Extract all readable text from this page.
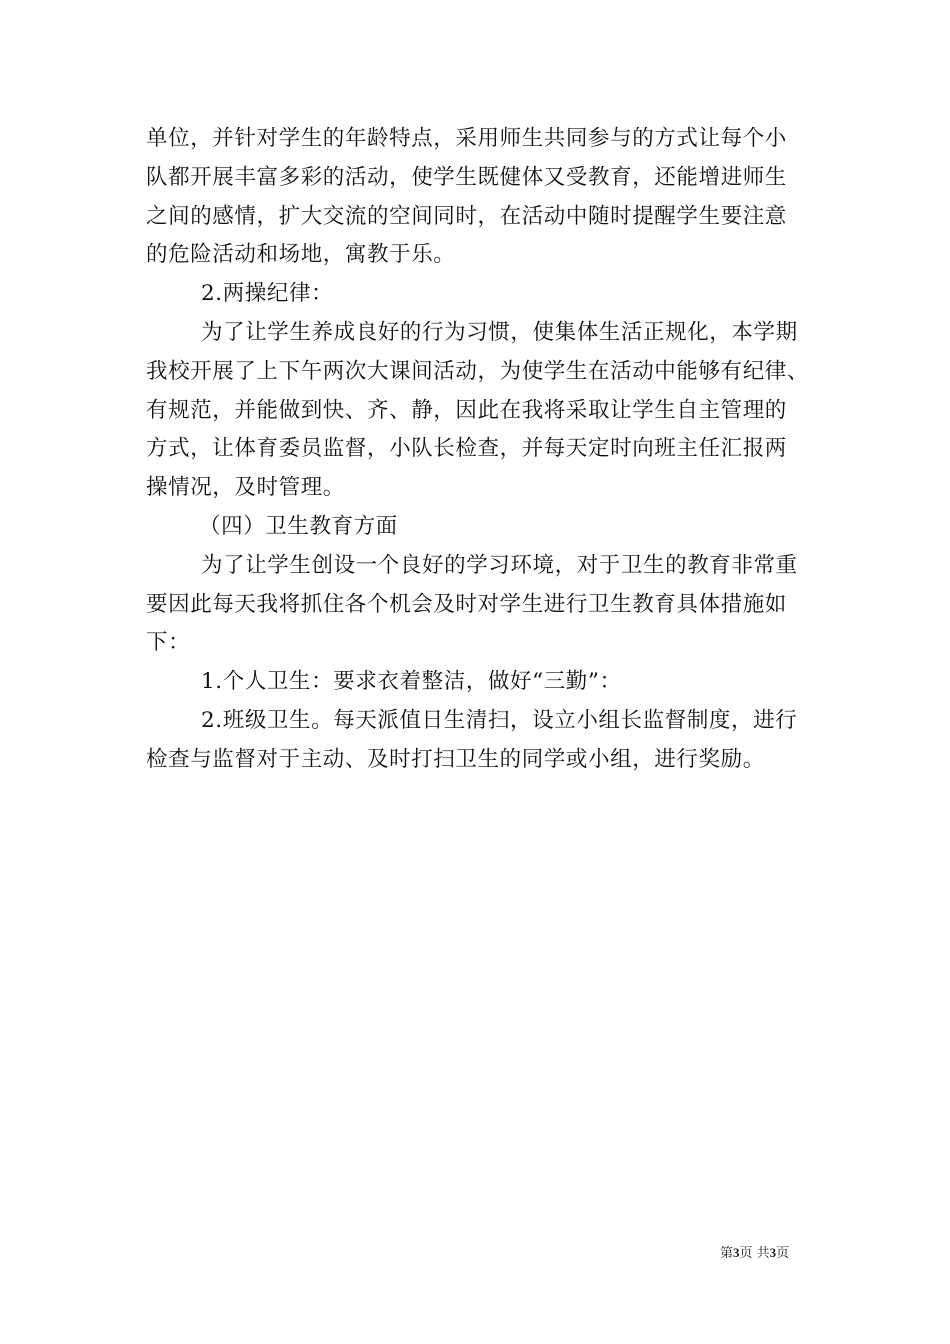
单位，并针对学生的年龄特点，采用师生共同参与的方式让每个小
队都开展丰富多彩的活动，使学生既健体又受教育，还能增进师生
之间的感情，扩大交流的空间同时，在活动中随时提醒学生要注意
的危险活动和场地，寓教于乐。
2.两操纪律：
为了让学生养成良好的行为习惯，使集体生活正规化，本学期
我校开展了上下午两次大课间活动，为使学生在活动中能够有纪律、
有规范，并能做到快、齐、静，因此在我将采取让学生自主管理的
方式，让体育委员监督，小队长检查，并每天定时向班主任汇报两
操情况，及时管理。
（四）卫生教育方面
为了让学生创设一个良好的学习环境，对于卫生的教育非常重
要因此每天我将抓住各个机会及时对学生进行卫生教育具体措施如
下：
1.个人卫生：要求衣着整洁，做好“三勤”：
2.班级卫生。每天派值日生清扫，设立小组长监督制度，进行
检查与监督对于主动、及时打扫卫生的同学或小组，进行奖励。
第3页 共3页
